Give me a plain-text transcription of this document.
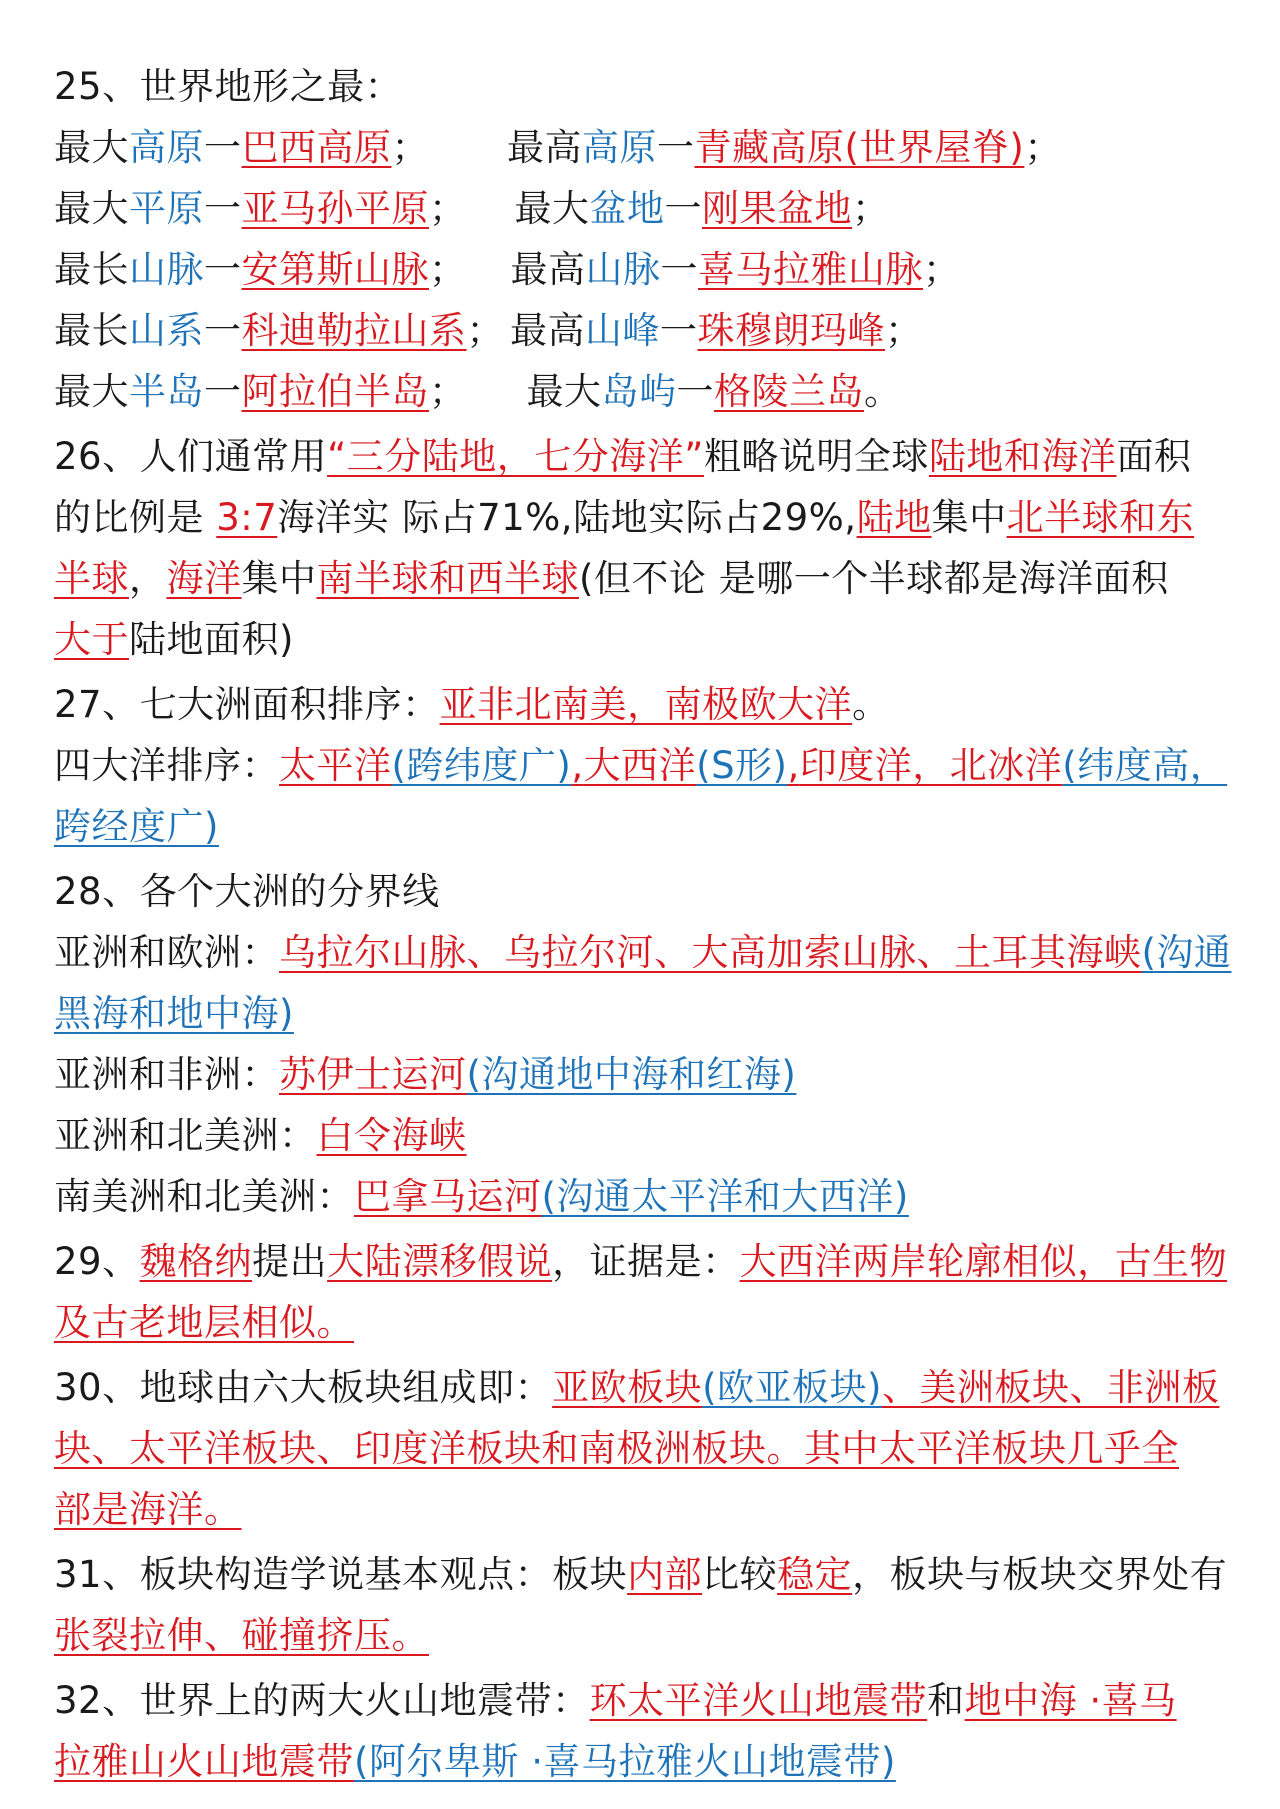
25、世界地形之最：
最大高原一巴西高原； 最高高原一青藏高原(世界屋脊)；
最大平原一亚马孙平原； 最大盆地一刚果盆地；
最长山脉一安第斯山脉； 最高山脉一喜马拉雅山脉；
最长山系一科迪勒拉山系； 最高山峰一珠穆朗玛峰；
最大半岛一阿拉伯半岛； 最大岛屿一格陵兰岛。
26、人们通常用“三分陆地，七分海洋”粗略说明全球陆地和海洋面积
的比例是 3:7海洋实 际占71%,陆地实际占29%,陆地集中北半球和东
半球，海洋集中南半球和西半球(但不论 是哪一个半球都是海洋面积
大于陆地面积)
27、七大洲面积排序：亚非北南美，南极欧大洋。
四大洋排序：太平洋(跨纬度广),大西洋(S形),印度洋，北冰洋(纬度高，
跨经度广)
28、各个大洲的分界线
亚洲和欧洲：乌拉尔山脉、乌拉尔河、大高加索山脉、土耳其海峡(沟通
黑海和地中海)
亚洲和非洲：苏伊士运河(沟通地中海和红海)
亚洲和北美洲：白令海峡
南美洲和北美洲：巴拿马运河(沟通太平洋和大西洋)
29、魏格纳提出大陆漂移假说，证据是：大西洋两岸轮廓相似，古生物
及古老地层相似。
30、地球由六大板块组成即：亚欧板块(欧亚板块)、美洲板块、非洲板
块、太平洋板块、印度洋板块和南极洲板块。其中太平洋板块几乎全
部是海洋。
31、板块构造学说基本观点：板块内部比较稳定，板块与板块交界处有
张裂拉伸、碰撞挤压。
32、世界上的两大火山地震带：环太平洋火山地震带和地中海 ·喜马
拉雅山火山地震带(阿尔卑斯 ·喜马拉雅火山地震带)
